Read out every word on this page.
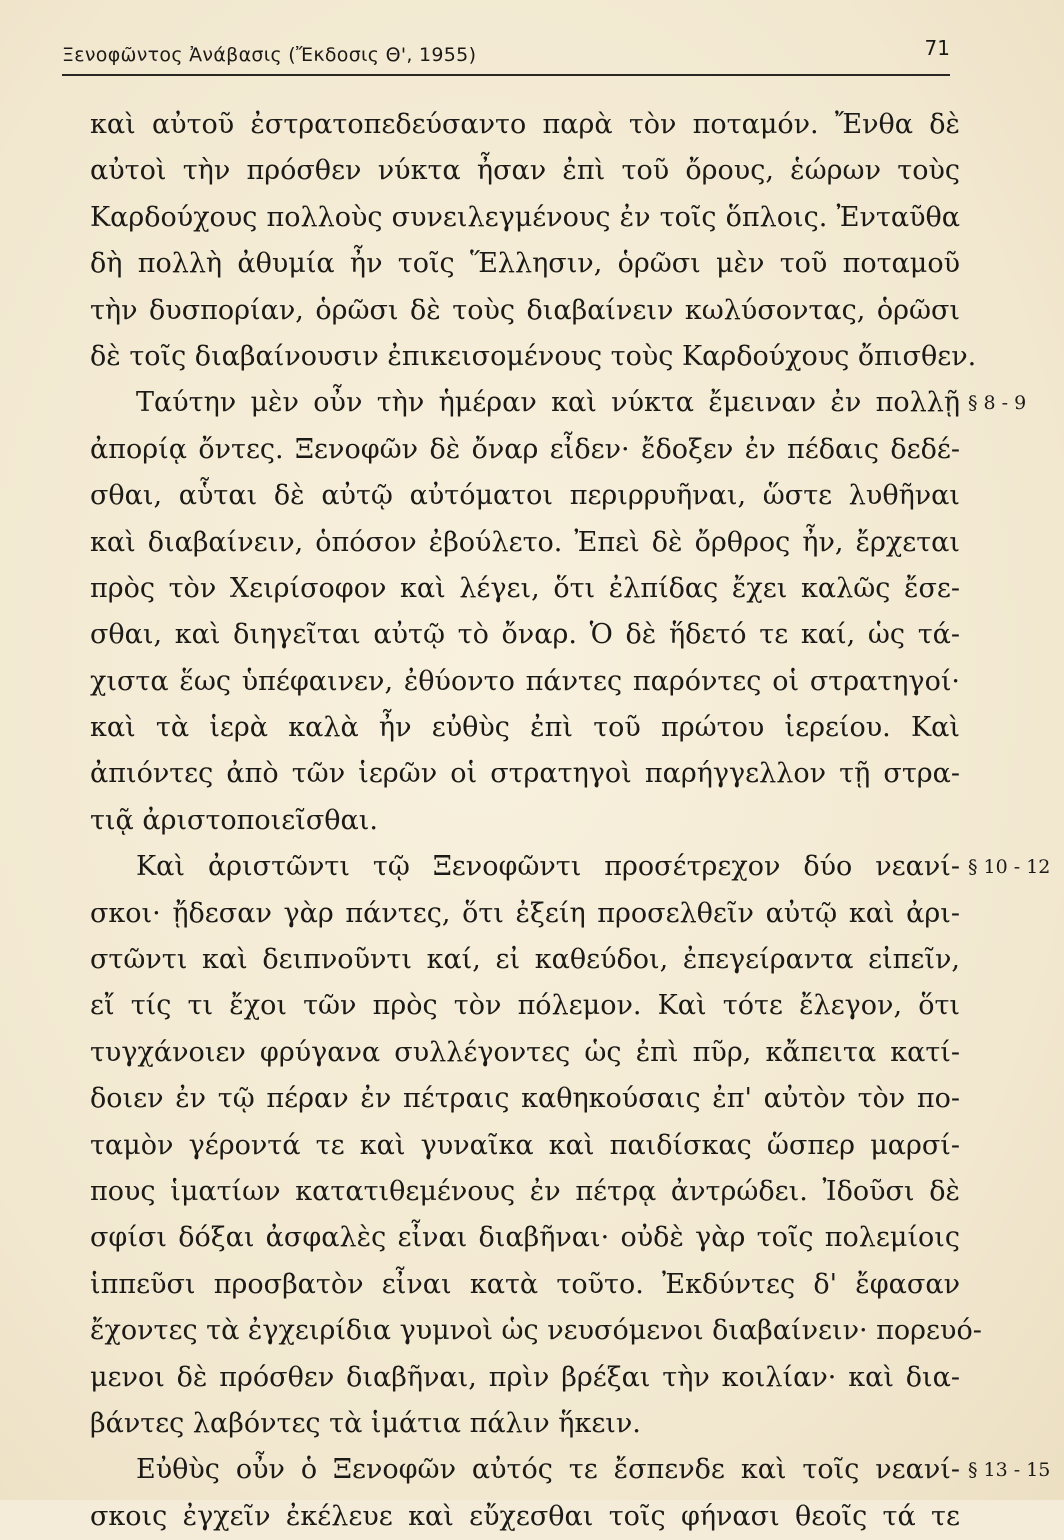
Ξενοφῶντος Ἀνάβασις (Ἔκδοσις Θ', 1955)	71
καὶ αὐτοῦ ἐστρατοπεδεύσαντο παρὰ τὸν ποταμόν. Ἔνθα δὲ
αὐτοὶ τὴν πρόσθεν νύκτα ἦσαν ἐπὶ τοῦ ὄρους, ἑώρων τοὺς
Καρδούχους πολλοὺς συνειλεγμένους ἐν τοῖς ὅπλοις. Ἐνταῦθα
δὴ πολλὴ ἀθυμία ἦν τοῖς Ἕλλησιν, ὁρῶσι μὲν τοῦ ποταμοῦ
τὴν δυσπορίαν, ὁρῶσι δὲ τοὺς διαβαίνειν κωλύσοντας, ὁρῶσι
δὲ τοῖς διαβαίνουσιν ἐπικεισομένους τοὺς Καρδούχους ὄπισθεν.
Ταύτην μὲν οὖν τὴν ἡμέραν καὶ νύκτα ἔμειναν ἐν πολλῇ § 8 - 9
ἀπορίᾳ ὄντες. Ξενοφῶν δὲ ὄναρ εἶδεν· ἔδοξεν ἐν πέδαις δεδέ-
σθαι, αὗται δὲ αὐτῷ αὐτόματοι περιρρυῆναι, ὥστε λυθῆναι
καὶ διαβαίνειν, ὁπόσον ἐβούλετο. Ἐπεὶ δὲ ὄρθρος ἦν, ἔρχεται
πρὸς τὸν Χειρίσοφον καὶ λέγει, ὅτι ἐλπίδας ἔχει καλῶς ἔσε-
σθαι, καὶ διηγεῖται αὐτῷ τὸ ὄναρ. Ὁ δὲ ἥδετό τε καί, ὡς τά-
χιστα ἕως ὑπέφαινεν, ἐθύοντο πάντες παρόντες οἱ στρατηγοί·
καὶ τὰ ἱερὰ καλὰ ἦν εὐθὺς ἐπὶ τοῦ πρώτου ἱερείου. Καὶ
ἀπιόντες ἀπὸ τῶν ἱερῶν οἱ στρατηγοὶ παρήγγελλον τῇ στρα-
τιᾷ ἀριστοποιεῖσθαι.
Καὶ ἀριστῶντι τῷ Ξενοφῶντι προσέτρεχον δύο νεανί- § 10 - 12
σκοι· ᾔδεσαν γὰρ πάντες, ὅτι ἐξείη προσελθεῖν αὐτῷ καὶ ἀρι-
στῶντι καὶ δειπνοῦντι καί, εἰ καθεύδοι, ἐπεγείραντα εἰπεῖν,
εἴ τίς τι ἔχοι τῶν πρὸς τὸν πόλεμον. Καὶ τότε ἔλεγον, ὅτι
τυγχάνοιεν φρύγανα συλλέγοντες ὡς ἐπὶ πῦρ, κἄπειτα κατί-
δοιεν ἐν τῷ πέραν ἐν πέτραις καθηκούσαις ἐπ' αὐτὸν τὸν πο-
ταμὸν γέροντά τε καὶ γυναῖκα καὶ παιδίσκας ὥσπερ μαρσί-
πους ἱματίων κατατιθεμένους ἐν πέτρᾳ ἀντρώδει. Ἰδοῦσι δὲ
σφίσι δόξαι ἀσφαλὲς εἶναι διαβῆναι· οὐδὲ γὰρ τοῖς πολεμίοις
ἱππεῦσι προσβατὸν εἶναι κατὰ τοῦτο. Ἐκδύντες δ' ἔφασαν
ἔχοντες τὰ ἐγχειρίδια γυμνοὶ ὡς νευσόμενοι διαβαίνειν· πορευό-
μενοι δὲ πρόσθεν διαβῆναι, πρὶν βρέξαι τὴν κοιλίαν· καὶ δια-
βάντες λαβόντες τὰ ἱμάτια πάλιν ἥκειν.
Εὐθὺς οὖν ὁ Ξενοφῶν αὐτός τε ἔσπενδε καὶ τοῖς νεανί- § 13 - 15
σκοις ἐγχεῖν ἐκέλευε καὶ εὔχεσθαι τοῖς φήνασι θεοῖς τά τε
